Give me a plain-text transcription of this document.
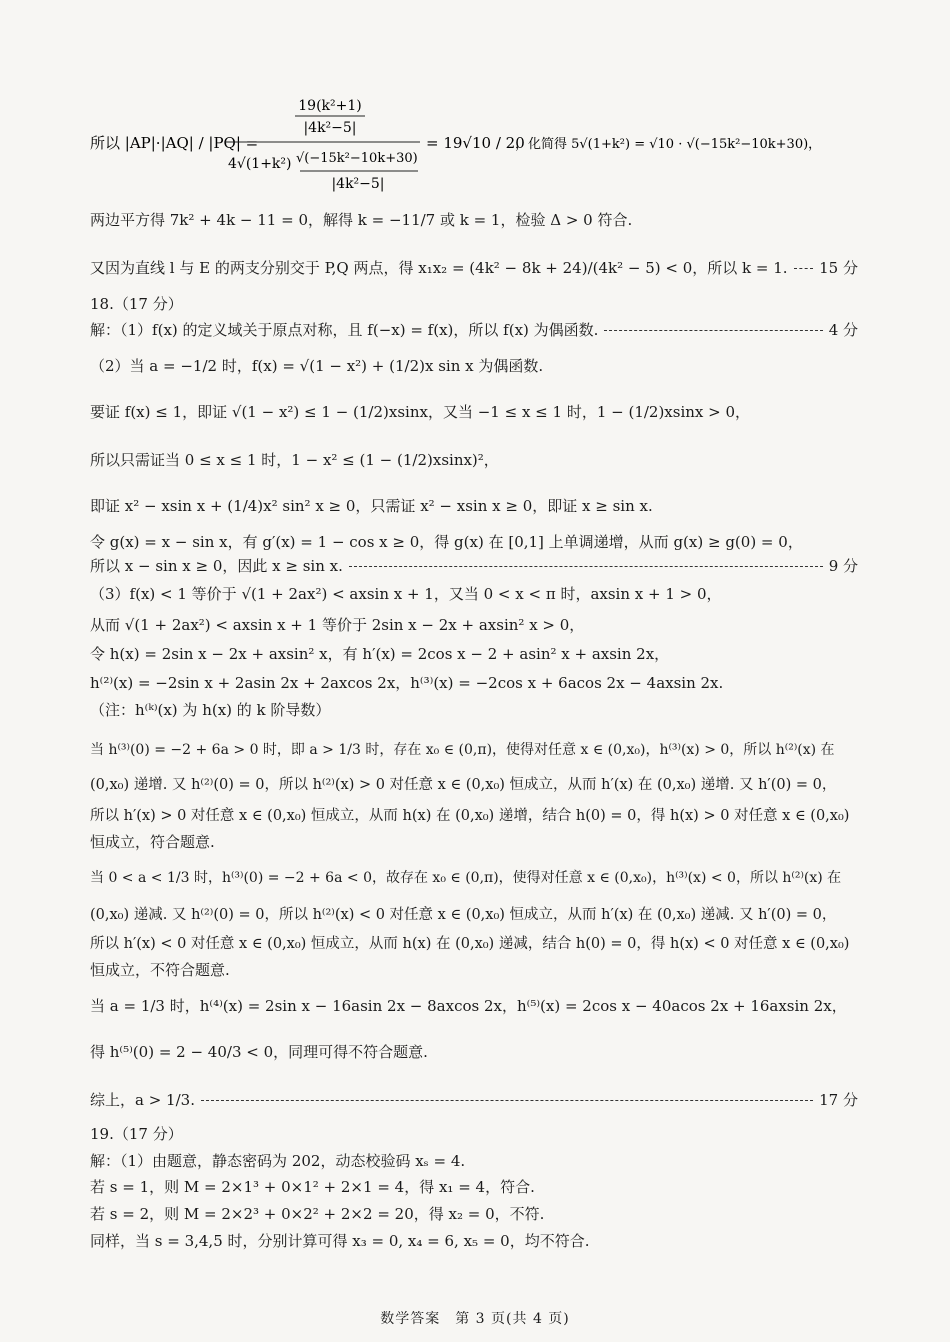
所以 |AP|·|AQ| / |PQ| =
19(k²+1)
|4k²−5|
4√(1+k²) √(−15k²−10k+30)
|4k²−5|
= 19√10 / 20
，化简得 5√(1+k²) = √10 · √(−15k²−10k+30)，
两边平方得 7k² + 4k − 11 = 0，解得 k = −11/7 或 k = 1，检验 Δ > 0 符合.
又因为直线 l 与 E 的两支分别交于 P,Q 两点，得 x₁x₂ = (4k² − 8k + 24)/(4k² − 5) < 0，所以 k = 1. 15 分
18.（17 分）
解：（1）f(x) 的定义域关于原点对称，且 f(−x) = f(x)，所以 f(x) 为偶函数.	4 分
（2）当 a = −1/2 时，f(x) = √(1 − x²) + (1/2)x sin x 为偶函数.
要证 f(x) ≤ 1，即证 √(1 − x²) ≤ 1 − (1/2)xsinx，又当 −1 ≤ x ≤ 1 时，1 − (1/2)xsinx > 0，
所以只需证当 0 ≤ x ≤ 1 时，1 − x² ≤ (1 − (1/2)xsinx)²，
即证 x² − xsin x + (1/4)x² sin² x ≥ 0，只需证 x² − xsin x ≥ 0，即证 x ≥ sin x.
令 g(x) = x − sin x，有 g′(x) = 1 − cos x ≥ 0，得 g(x) 在 [0,1] 上单调递增，从而 g(x) ≥ g(0) = 0，
所以 x − sin x ≥ 0，因此 x ≥ sin x.	9 分
（3）f(x) < 1 等价于 √(1 + 2ax²) < axsin x + 1，又当 0 < x < π 时，axsin x + 1 > 0，
从而 √(1 + 2ax²) < axsin x + 1 等价于 2sin x − 2x + axsin² x > 0，
令 h(x) = 2sin x − 2x + axsin² x，有 h′(x) = 2cos x − 2 + asin² x + axsin 2x，
h⁽²⁾(x) = −2sin x + 2asin 2x + 2axcos 2x，h⁽³⁾(x) = −2cos x + 6acos 2x − 4axsin 2x.
（注：h⁽ᵏ⁾(x) 为 h(x) 的 k 阶导数）
当 h⁽³⁾(0) = −2 + 6a > 0 时，即 a > 1/3 时，存在 x₀ ∈ (0,π)，使得对任意 x ∈ (0,x₀)，h⁽³⁾(x) > 0，所以 h⁽²⁾(x) 在
(0,x₀) 递增. 又 h⁽²⁾(0) = 0，所以 h⁽²⁾(x) > 0 对任意 x ∈ (0,x₀) 恒成立，从而 h′(x) 在 (0,x₀) 递增. 又 h′(0) = 0，
所以 h′(x) > 0 对任意 x ∈ (0,x₀) 恒成立，从而 h(x) 在 (0,x₀) 递增，结合 h(0) = 0，得 h(x) > 0 对任意 x ∈ (0,x₀)
恒成立，符合题意.
当 0 < a < 1/3 时，h⁽³⁾(0) = −2 + 6a < 0，故存在 x₀ ∈ (0,π)，使得对任意 x ∈ (0,x₀)，h⁽³⁾(x) < 0，所以 h⁽²⁾(x) 在
(0,x₀) 递减. 又 h⁽²⁾(0) = 0，所以 h⁽²⁾(x) < 0 对任意 x ∈ (0,x₀) 恒成立，从而 h′(x) 在 (0,x₀) 递减. 又 h′(0) = 0，
所以 h′(x) < 0 对任意 x ∈ (0,x₀) 恒成立，从而 h(x) 在 (0,x₀) 递减，结合 h(0) = 0，得 h(x) < 0 对任意 x ∈ (0,x₀)
恒成立，不符合题意.
当 a = 1/3 时，h⁽⁴⁾(x) = 2sin x − 16asin 2x − 8axcos 2x，h⁽⁵⁾(x) = 2cos x − 40acos 2x + 16axsin 2x，
得 h⁽⁵⁾(0) = 2 − 40/3 < 0，同理可得不符合题意.
综上，a > 1/3.	17 分
19.（17 分）
解：（1）由题意，静态密码为 202，动态校验码 xₛ = 4.
若 s = 1，则 M = 2×1³ + 0×1² + 2×1 = 4，得 x₁ = 4，符合.
若 s = 2，则 M = 2×2³ + 0×2² + 2×2 = 20，得 x₂ = 0，不符.
同样，当 s = 3,4,5 时，分别计算可得 x₃ = 0, x₄ = 6, x₅ = 0，均不符合.
数学答案　第 3 页(共 4 页)
